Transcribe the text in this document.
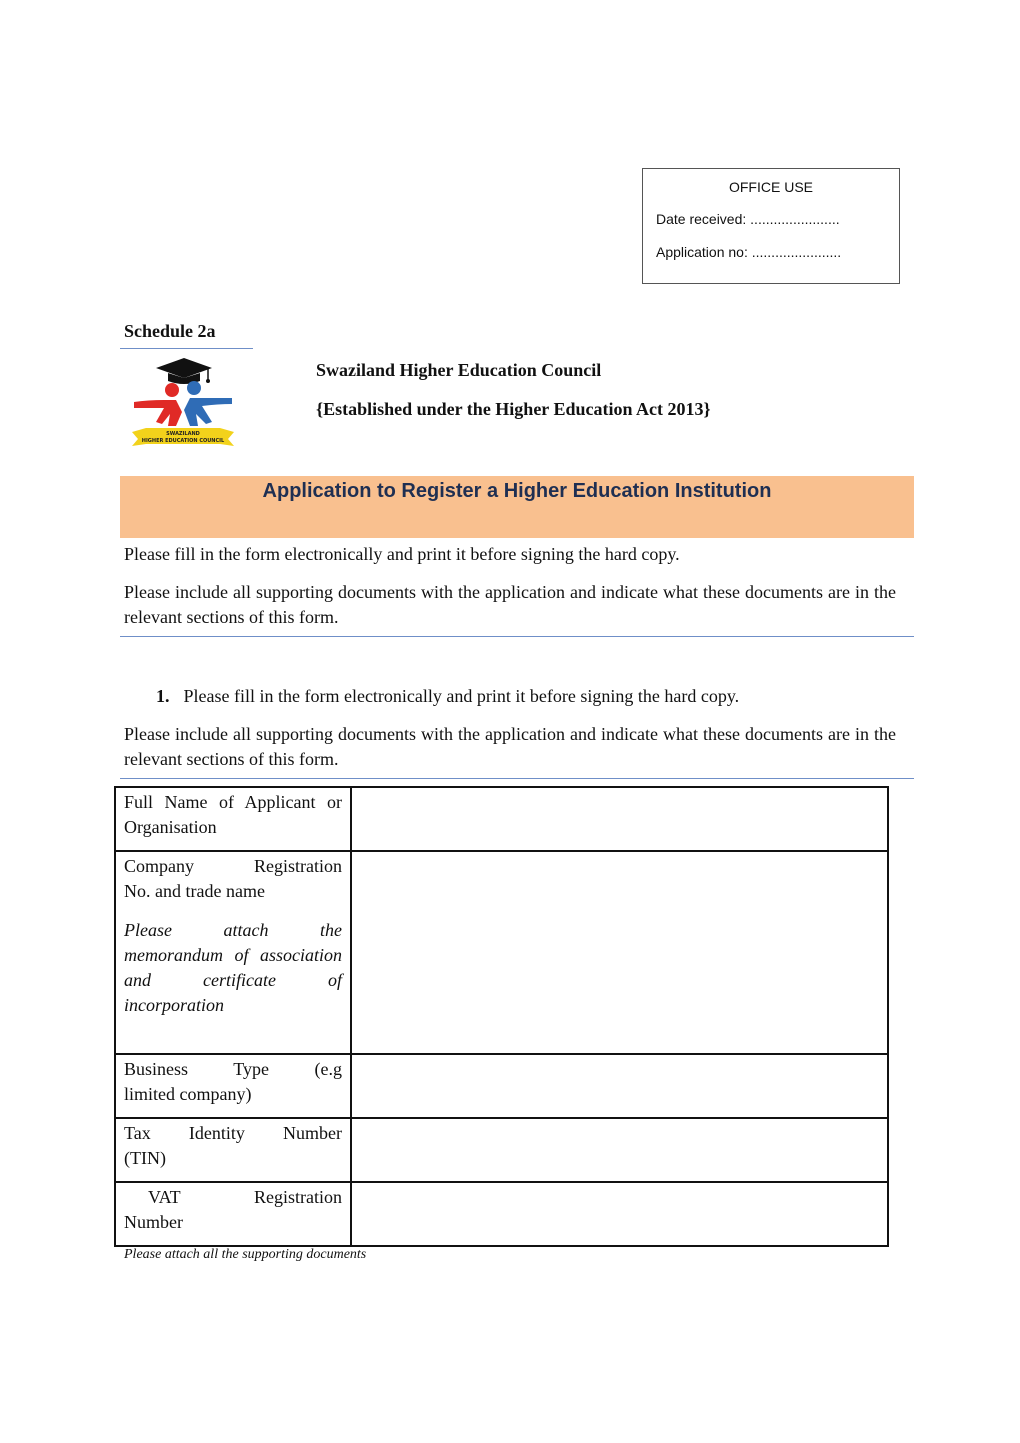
OFFICE USE
Date received: .......................
Application no: .......................
Schedule 2a
SWAZILAND
HIGHER EDUCATION COUNCIL
Swaziland Higher Education Council
{Established under the Higher Education Act 2013}
Application to Register a Higher Education Institution
Please fill in the form electronically and print it before signing the hard copy.
Please include all supporting documents with the application and indicate what these documents are in the relevant sections of this form.
1. Please fill in the form electronically and print it before signing the hard copy.
Please include all supporting documents with the application and indicate what these documents are in the relevant sections of this form.
Full Name of Applicant or Organisation	

Company Registration
No. and trade name
Please attach the memorandum of association and certificate of incorporation	

Business Type (e.g
limited company)	

Tax Identity Number
(TIN)	

VAT Registration
Number	

Please attach all the supporting documents
